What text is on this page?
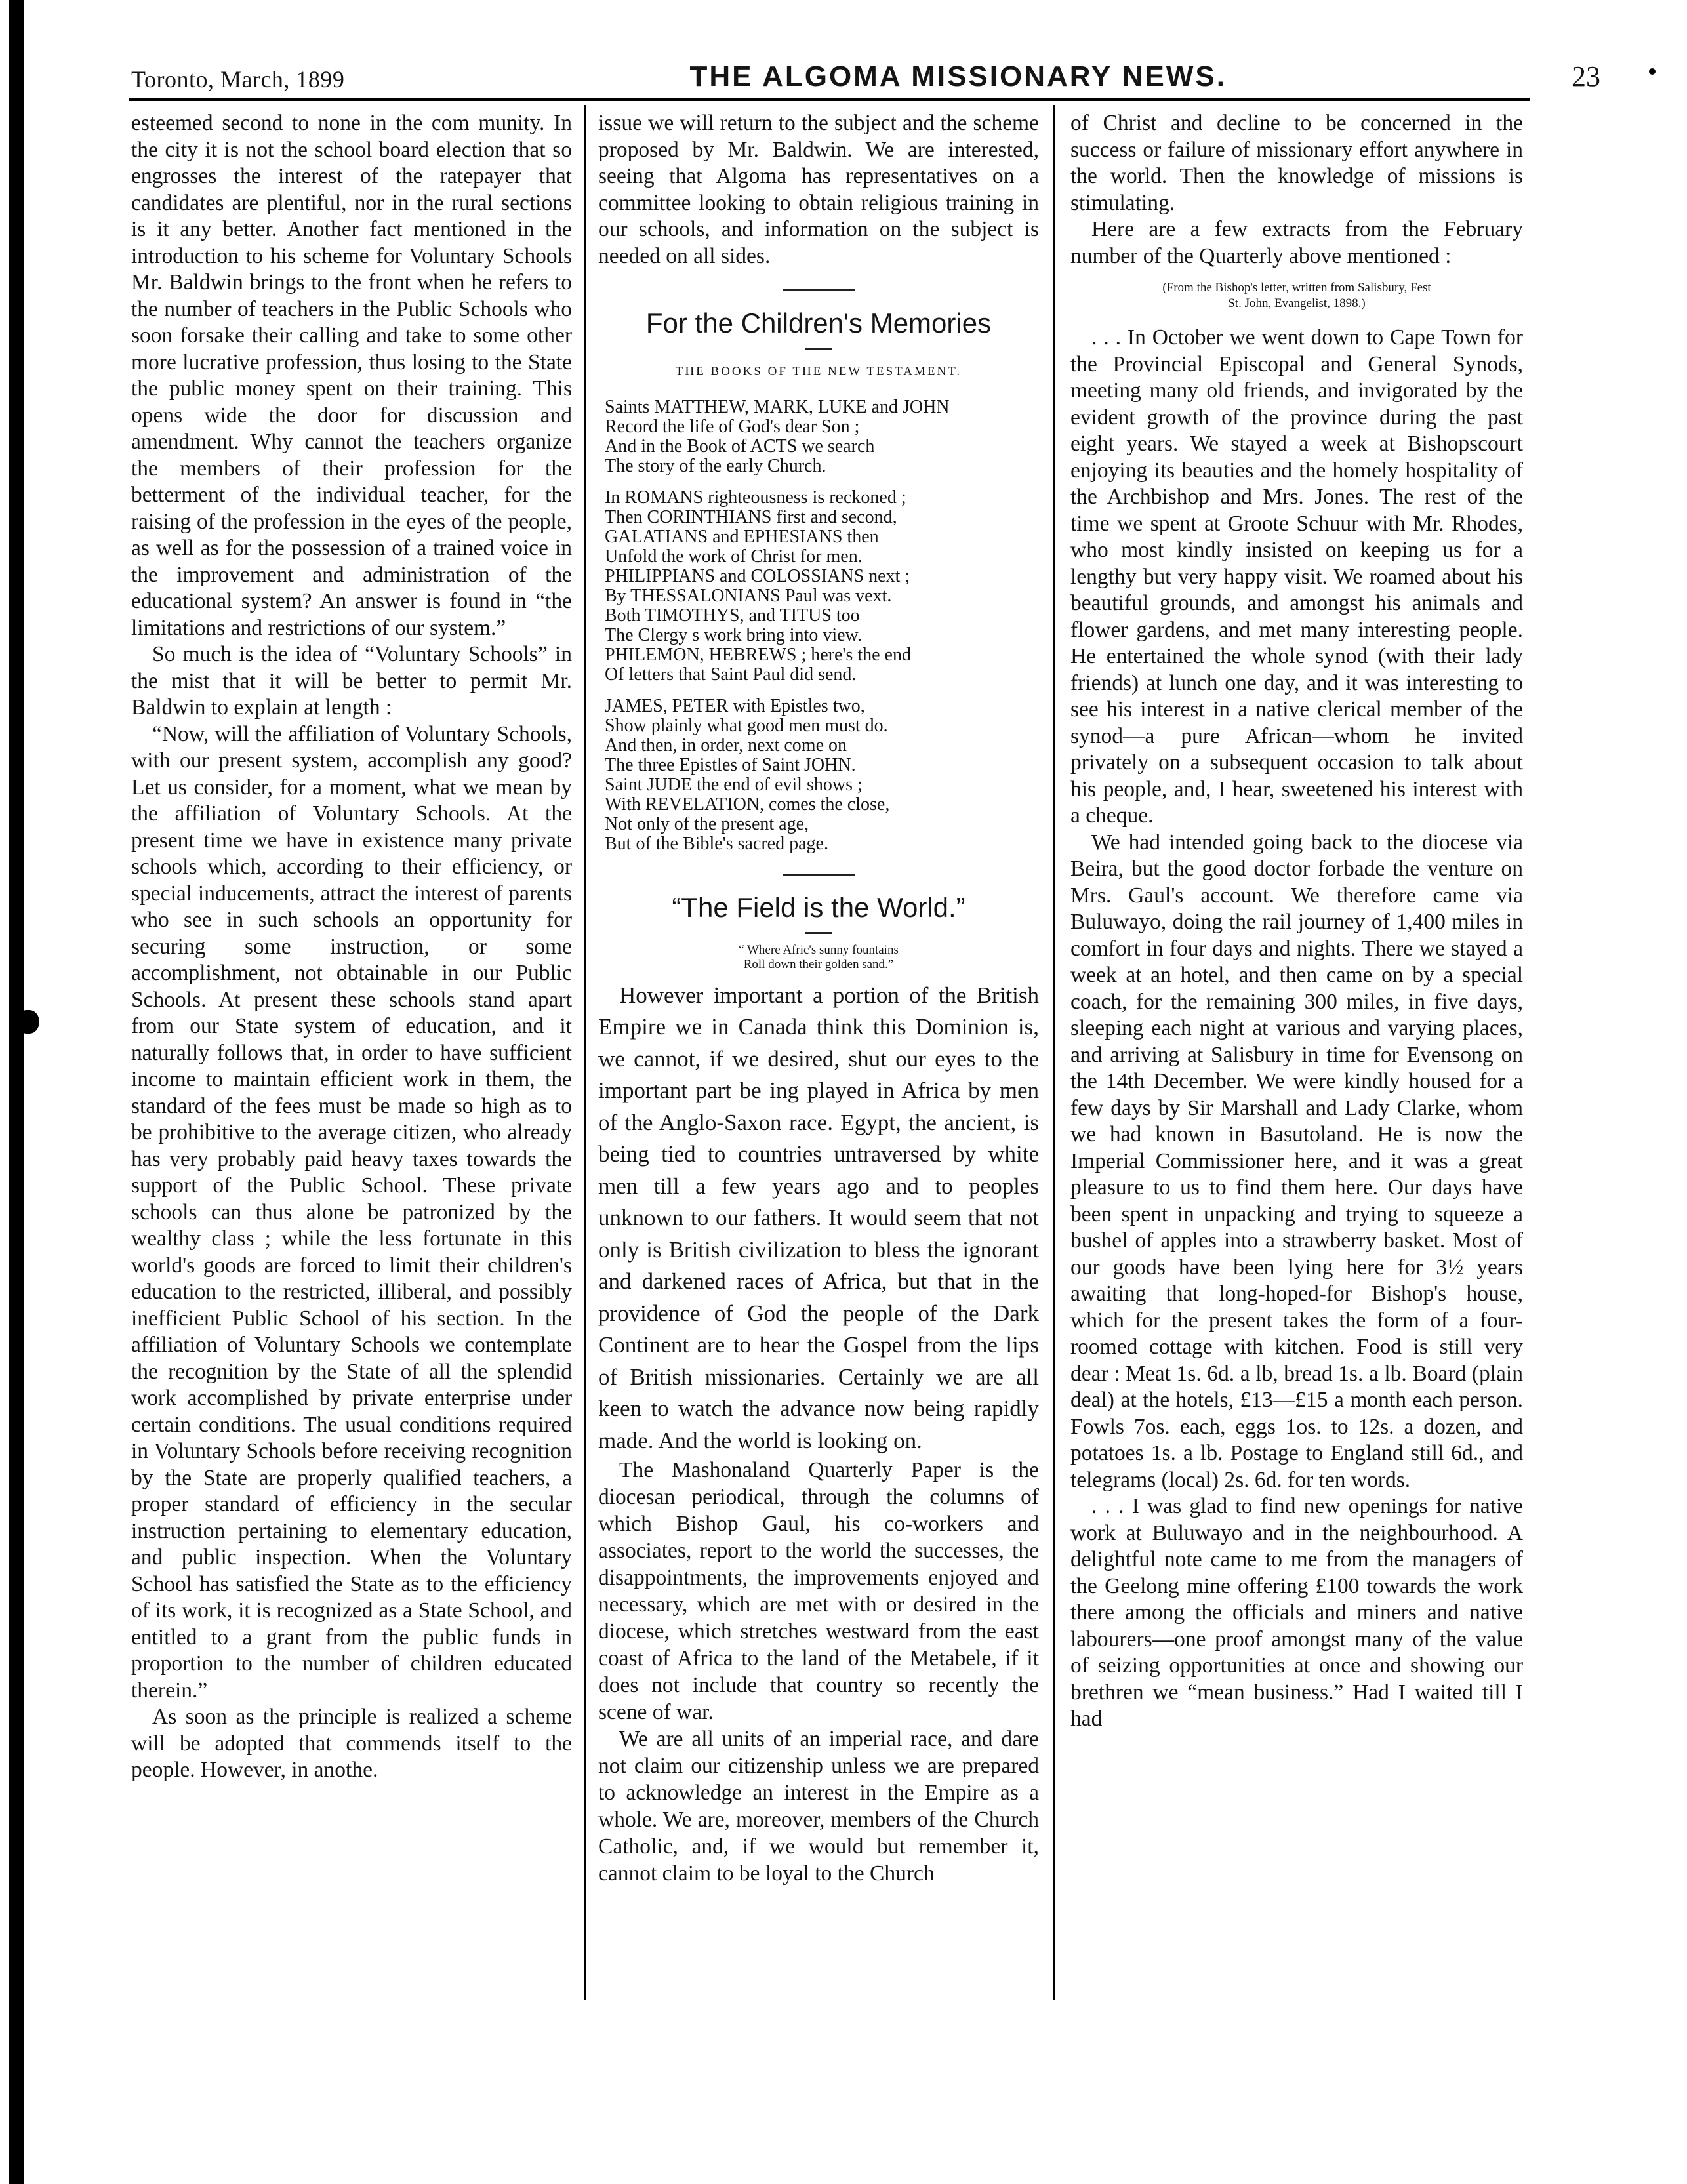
Toronto, March, 1899	THE ALGOMA MISSIONARY NEWS.	23

esteemed second to none in the com munity. In the city it is not the school board election that so engrosses the interest of the ratepayer that candidates are plentiful, nor in the rural sections is it any better. Another fact mentioned in the introduction to his scheme for Voluntary Schools Mr. Baldwin brings to the front when he refers to the number of teachers in the Public Schools who soon forsake their calling and take to some other more lucrative profession, thus losing to the State the public money spent on their training. This opens wide the door for discussion and amendment. Why cannot the teachers organize the members of their profession for the betterment of the individual teacher, for the raising of the profession in the eyes of the people, as well as for the possession of a trained voice in the improvement and administration of the educational system? An answer is found in “the limitations and restrictions of our system.”

So much is the idea of “Voluntary Schools” in the mist that it will be better to permit Mr. Baldwin to explain at length :

“Now, will the affiliation of Voluntary Schools, with our present system, accomplish any good? Let us consider, for a moment, what we mean by the affiliation of Voluntary Schools. At the present time we have in existence many private schools which, according to their efficiency, or special inducements, attract the interest of parents who see in such schools an opportunity for securing some instruction, or some accomplishment, not obtainable in our Public Schools. At present these schools stand apart from our State system of education, and it naturally follows that, in order to have sufficient income to maintain efficient work in them, the standard of the fees must be made so high as to be prohibitive to the average citizen, who already has very probably paid heavy taxes towards the support of the Public School. These private schools can thus alone be patronized by the wealthy class ; while the less fortunate in this world's goods are forced to limit their children's education to the restricted, illiberal, and possibly inefficient Public School of his section. In the affiliation of Voluntary Schools we contemplate the recognition by the State of all the splendid work accomplished by private enterprise under certain conditions. The usual conditions required in Voluntary Schools before receiving recognition by the State are properly qualified teachers, a proper standard of efficiency in the secular instruction pertaining to elementary education, and public inspection. When the Voluntary School has satisfied the State as to the efficiency of its work, it is recognized as a State School, and entitled to a grant from the public funds in proportion to the number of children educated therein.”

As soon as the principle is realized a scheme will be adopted that commends itself to the people. However, in anothe.

issue we will return to the subject and the scheme proposed by Mr. Baldwin. We are interested, seeing that Algoma has representatives on a committee looking to obtain religious training in our schools, and information on the subject is needed on all sides.

For the Children's Memories
THE BOOKS OF THE NEW TESTAMENT.
Saints MATTHEW, MARK, LUKE and JOHN
Record the life of God's dear Son ;
And in the Book of ACTS we search
The story of the early Church.
In ROMANS righteousness is reckoned ;
Then CORINTHIANS first and second,
GALATIANS and EPHESIANS then
Unfold the work of Christ for men.
PHILIPPIANS and COLOSSIANS next ;
By THESSALONIANS Paul was vext.
Both TIMOTHYS, and TITUS too
The Clergy s work bring into view.
PHILEMON, HEBREWS ; here's the end
Of letters that Saint Paul did send.
JAMES, PETER with Epistles two,
Show plainly what good men must do.
And then, in order, next come on
The three Epistles of Saint JOHN.
Saint JUDE the end of evil shows ;
With REVELATION, comes the close,
Not only of the present age,
But of the Bible's sacred page.
“The Field is the World.”
“ Where Afric's sunny fountains
Roll down their golden sand.”

However important a portion of the British Empire we in Canada think this Dominion is, we cannot, if we desired, shut our eyes to the important part be ing played in Africa by men of the Anglo-Saxon race. Egypt, the ancient, is being tied to countries untraversed by white men till a few years ago and to peoples unknown to our fathers. It would seem that not only is British civilization to bless the ignorant and darkened races of Africa, but that in the providence of God the people of the Dark Continent are to hear the Gospel from the lips of British missionaries. Certainly we are all keen to watch the advance now being rapidly made. And the world is looking on.

The Mashonaland Quarterly Paper is the diocesan periodical, through the columns of which Bishop Gaul, his co-workers and associates, report to the world the successes, the disappointments, the improvements enjoyed and necessary, which are met with or desired in the diocese, which stretches westward from the east coast of Africa to the land of the Metabele, if it does not include that country so recently the scene of war.

We are all units of an imperial race, and dare not claim our citizenship unless we are prepared to acknowledge an interest in the Empire as a whole. We are, moreover, members of the Church Catholic, and, if we would but remember it, cannot claim to be loyal to the Church

of Christ and decline to be concerned in the success or failure of missionary effort anywhere in the world. Then the knowledge of missions is stimulating.

Here are a few extracts from the February number of the Quarterly above mentioned :

(From the Bishop's letter, written from Salisbury, Fest
St. John, Evangelist, 1898.)

. . . In October we went down to Cape Town for the Provincial Episcopal and General Synods, meeting many old friends, and invigorated by the evident growth of the province during the past eight years. We stayed a week at Bishopscourt enjoying its beauties and the homely hospitality of the Archbishop and Mrs. Jones. The rest of the time we spent at Groote Schuur with Mr. Rhodes, who most kindly insisted on keeping us for a lengthy but very happy visit. We roamed about his beautiful grounds, and amongst his animals and flower gardens, and met many interesting people. He entertained the whole synod (with their lady friends) at lunch one day, and it was interesting to see his interest in a native clerical member of the synod—a pure African—whom he invited privately on a subsequent occasion to talk about his people, and, I hear, sweetened his interest with a cheque.

We had intended going back to the diocese via Beira, but the good doctor forbade the venture on Mrs. Gaul's account. We therefore came via Buluwayo, doing the rail journey of 1,400 miles in comfort in four days and nights. There we stayed a week at an hotel, and then came on by a special coach, for the remaining 300 miles, in five days, sleeping each night at various and varying places, and arriving at Salisbury in time for Evensong on the 14th December. We were kindly housed for a few days by Sir Marshall and Lady Clarke, whom we had known in Basutoland. He is now the Imperial Commissioner here, and it was a great pleasure to us to find them here. Our days have been spent in unpacking and trying to squeeze a bushel of apples into a strawberry basket. Most of our goods have been lying here for 3½ years awaiting that long-hoped-for Bishop's house, which for the present takes the form of a four-roomed cottage with kitchen. Food is still very dear : Meat 1s. 6d. a lb, bread 1s. a lb. Board (plain deal) at the hotels, £13—£15 a month each person. Fowls 7os. each, eggs 1os. to 12s. a dozen, and potatoes 1s. a lb. Postage to England still 6d., and telegrams (local) 2s. 6d. for ten words.

. . . I was glad to find new openings for native work at Buluwayo and in the neighbourhood. A delightful note came to me from the managers of the Geelong mine offering £100 towards the work there among the officials and miners and native labourers—one proof amongst many of the value of seizing opportunities at once and showing our brethren we “mean business.” Had I waited till I had
